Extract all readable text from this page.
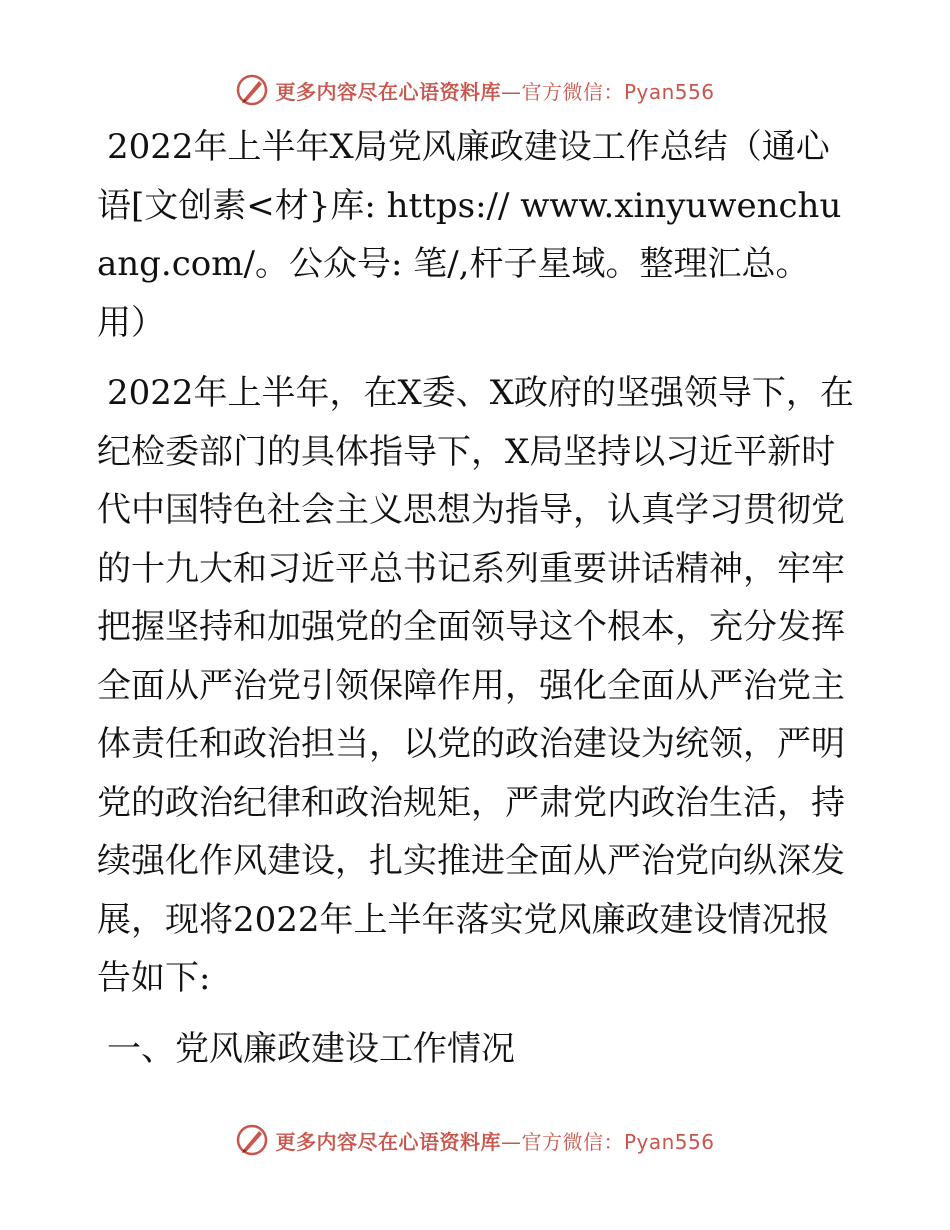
更多内容尽在心语资料库—官方微信：Pyan556

2022年上半年X局党风廉政建设工作总结（通心语[文创素<材}库: https:// www.xinyuwenchuang.com/。公众号: 笔/,杆子星域。整理汇总。用）

2022年上半年，在X委、X政府的坚强领导下，在纪检委部门的具体指导下，X局坚持以习近平新时代中国特色社会主义思想为指导，认真学习贯彻党的十九大和习近平总书记系列重要讲话精神，牢牢把握坚持和加强党的全面领导这个根本，充分发挥全面从严治党引领保障作用，强化全面从严治党主体责任和政治担当，以党的政治建设为统领，严明党的政治纪律和政治规矩，严肃党内政治生活，持续强化作风建设，扎实推进全面从严治党向纵深发展，现将2022年上半年落实党风廉政建设情况报告如下:

一、党风廉政建设工作情况

更多内容尽在心语资料库—官方微信：Pyan556
